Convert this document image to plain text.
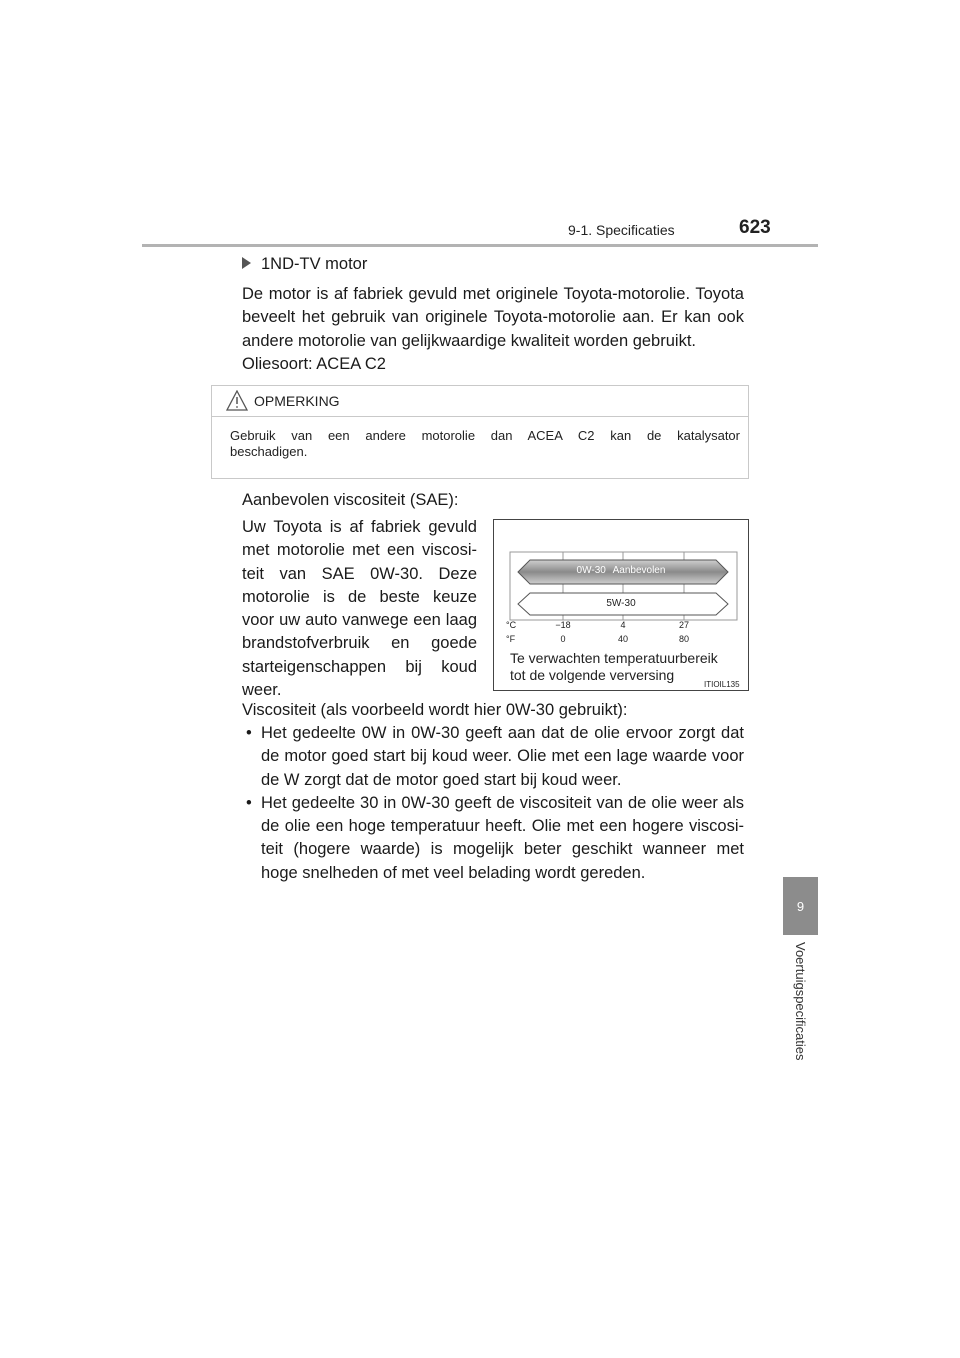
9-1. Specificaties	623
9
Voertuigspecificaties
1ND-TV motor
De motor is af fabriek gevuld met originele Toyota-motorolie. Toyota
beveelt het gebruik van originele Toyota-motorolie aan. Er kan ook
andere motorolie van gelijkwaardige kwaliteit worden gebruikt.
Oliesoort: ACEA C2
OPMERKING
Gebruik van een andere motorolie dan ACEA C2 kan de katalysator
beschadigen.
Aanbevolen viscositeit (SAE):
Uw Toyota is af fabriek gevuld
met motorolie met een viscosi-
teit van SAE 0W-30. Deze
motorolie is de beste keuze
voor uw auto vanwege een laag
brandstofverbruik en goede
starteigenschappen bij koud
weer.
0W-30 Aanbevolen
5W-30
°C
°F
−18	4	27
0	40	80
Te verwachten temperatuurbereik
tot de volgende verversing
ITIOIL135
Viscositeit (als voorbeeld wordt hier 0W-30 gebruikt):
• Het gedeelte 0W in 0W-30 geeft aan dat de olie ervoor zorgt dat
de motor goed start bij koud weer. Olie met een lage waarde voor
de W zorgt dat de motor goed start bij koud weer.
• Het gedeelte 30 in 0W-30 geeft de viscositeit van de olie weer als
de olie een hoge temperatuur heeft. Olie met een hogere viscosi-
teit (hogere waarde) is mogelijk beter geschikt wanneer met
hoge snelheden of met veel belading wordt gereden.
